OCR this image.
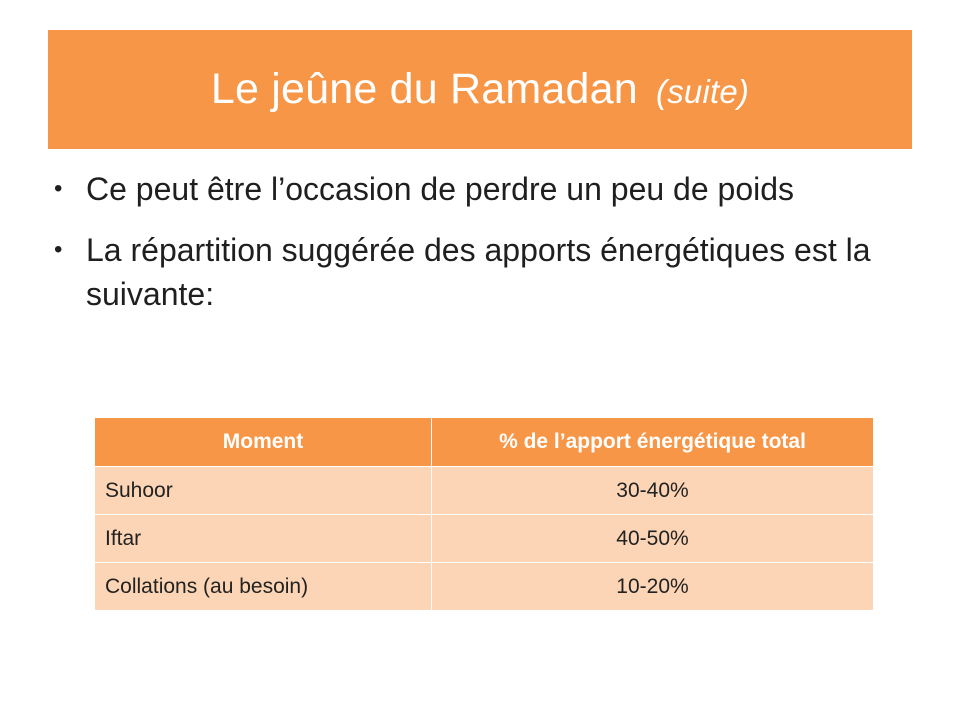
Le jeûne du Ramadan (suite)
• Ce peut être l’occasion de perdre un peu de poids
• La répartition suggérée des apports énergétiques est la suivante:
Moment	% de l’apport énergétique total
Suhoor	30-40%
Iftar	40-50%
Collations (au besoin)	10-20%
